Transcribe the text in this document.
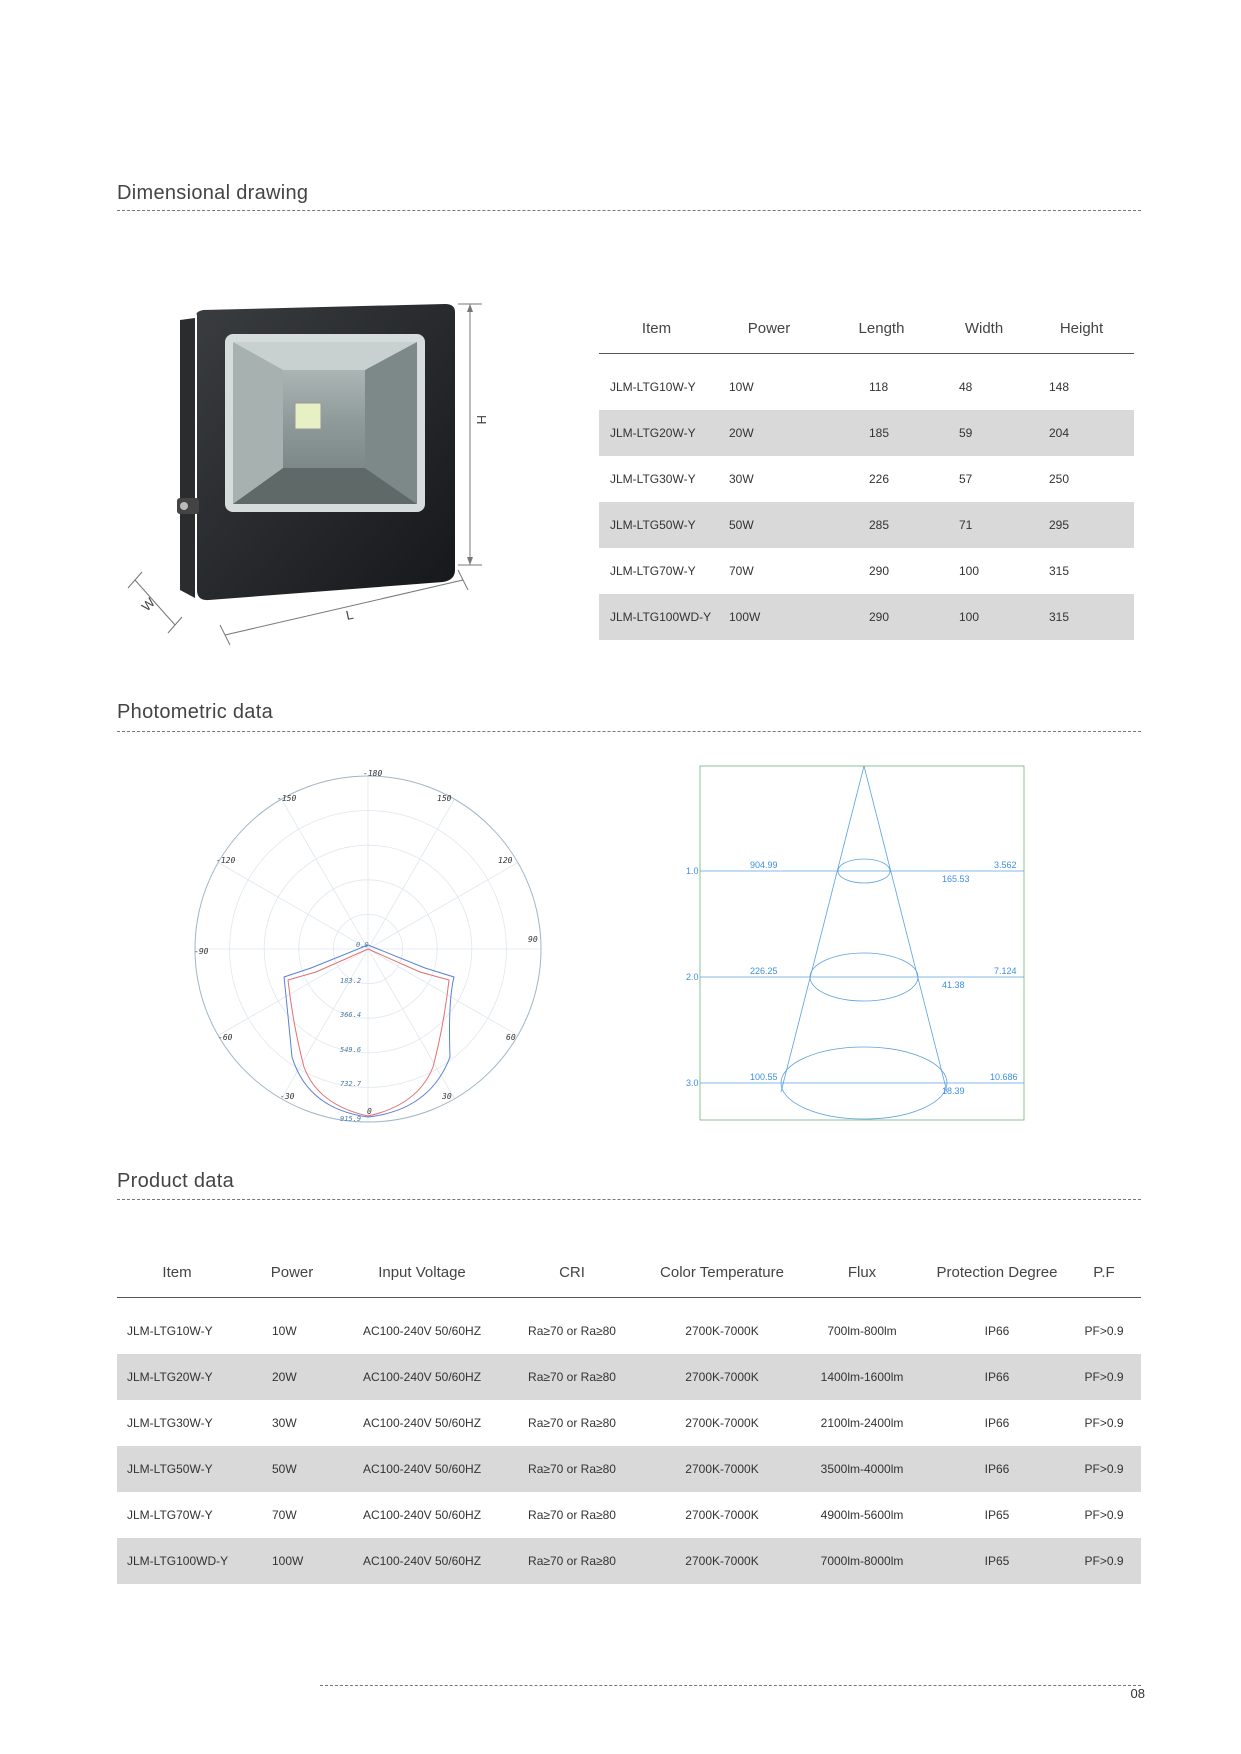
Dimensional drawing
H
L
W
Item	Power	Length	Width	Height

JLM-LTG10W-Y	10W	118	48	148
JLM-LTG20W-Y	20W	185	59	204
JLM-LTG30W-Y	30W	226	57	250
JLM-LTG50W-Y	50W	285	71	295
JLM-LTG70W-Y	70W	290	100	315
JLM-LTG100WD-Y	100W	290	100	315
Photometric data
-180
-150	150
-120	120
-90
90
-60	60
-30	30
0
0.0
183.2
366.4
549.6
732.7
915.9
1.0
2.0
3.0
904.99
226.25
100.55
165.53
41.38
18.39
3.562
7.124
10.686
Product data
Item	Power	Input Voltage	CRI	Color Temperature	Flux	Protection Degree	P.F

JLM-LTG10W-Y	10W	AC100-240V 50/60HZ	Ra≥70 or Ra≥80	2700K-7000K	700lm-800lm	IP66	PF>0.9
JLM-LTG20W-Y	20W	AC100-240V 50/60HZ	Ra≥70 or Ra≥80	2700K-7000K	1400lm-1600lm	IP66	PF>0.9
JLM-LTG30W-Y	30W	AC100-240V 50/60HZ	Ra≥70 or Ra≥80	2700K-7000K	2100lm-2400lm	IP66	PF>0.9
JLM-LTG50W-Y	50W	AC100-240V 50/60HZ	Ra≥70 or Ra≥80	2700K-7000K	3500lm-4000lm	IP66	PF>0.9
JLM-LTG70W-Y	70W	AC100-240V 50/60HZ	Ra≥70 or Ra≥80	2700K-7000K	4900lm-5600lm	IP65	PF>0.9
JLM-LTG100WD-Y	100W	AC100-240V 50/60HZ	Ra≥70 or Ra≥80	2700K-7000K	7000lm-8000lm	IP65	PF>0.9
08
